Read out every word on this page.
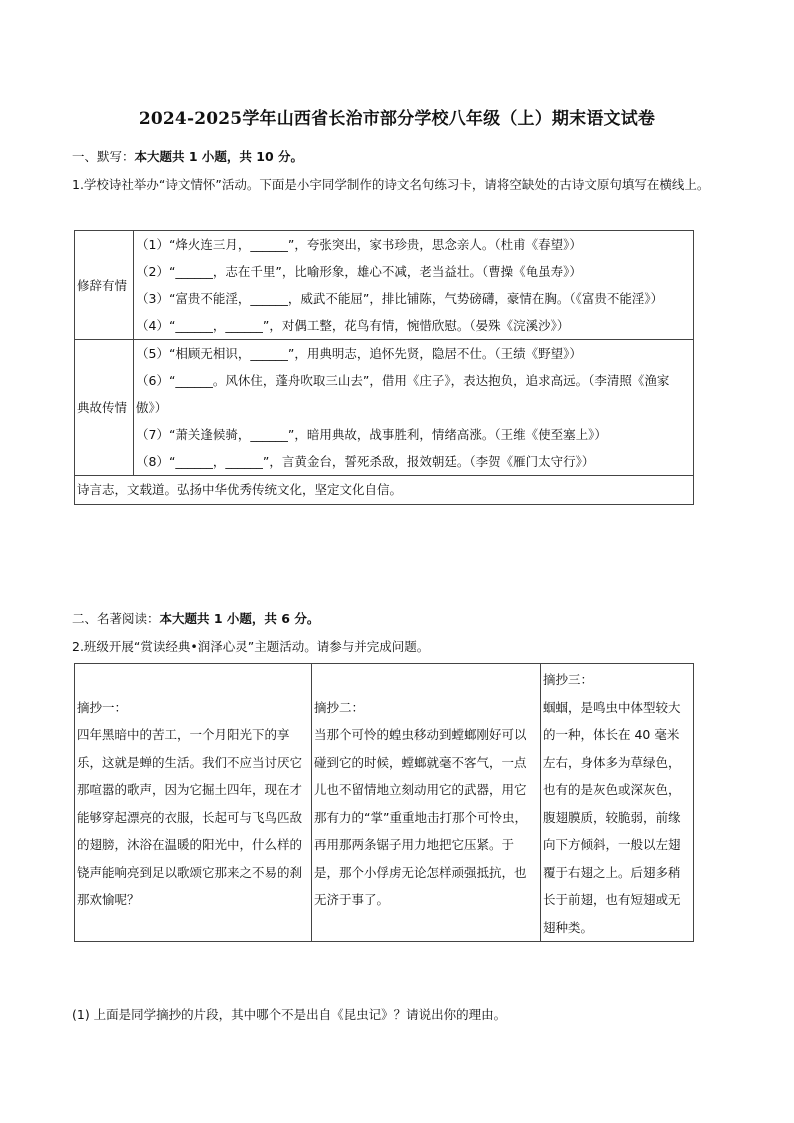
2024-2025学年山西省长治市部分学校八年级（上）期末语文试卷
一、默写：本大题共 1 小题，共 10 分。
1.学校诗社举办“诗文情怀”活动。下面是小宇同学制作的诗文名句练习卡，请将空缺处的古诗文原句填写在横线上。
修辞有情	（1）“烽火连三月，______”，夸张突出，家书珍贵，思念亲人。（杜甫《春望》）
（2）“______，志在千里”，比喻形象，雄心不减，老当益壮。（曹操《龟虽寿》）
（3）“富贵不能淫，______，威武不能屈”，排比铺陈，气势磅礴，豪情在胸。（《富贵不能淫》）
（4）“______，______”，对偶工整，花鸟有情，惋惜欣慰。（晏殊《浣溪沙》）

典故传情	（5）“相顾无相识，______”，用典明志，追怀先贤，隐居不仕。（王绩《野望》）
（6）“______。风休住，蓬舟吹取三山去”，借用《庄子》，表达抱负，追求高远。（李清照《渔家傲》）
（7）“萧关逢候骑，______”，暗用典故，战事胜利，情绪高涨。（王维《使至塞上》）
（8）“______，______”，言黄金台，誓死杀敌，报效朝廷。（李贺《雁门太守行》）

诗言志，文载道。弘扬中华优秀传统文化，坚定文化自信。	
二、名著阅读：本大题共 1 小题，共 6 分。
2.班级开展“赏读经典•润泽心灵”主题活动。请参与并完成问题。
摘抄一：
四年黑暗中的苦工，一个月阳光下的享乐，这就是蝉的生活。我们不应当讨厌它那喧嚣的歌声，因为它掘土四年，现在才能够穿起漂亮的衣服，长起可与飞鸟匹敌的翅膀，沐浴在温暖的阳光中，什么样的铙声能响亮到足以歌颂它那来之不易的刹那欢愉呢？

摘抄二：
当那个可怜的蝗虫移动到螳螂刚好可以碰到它的时候，螳螂就毫不客气，一点儿也不留情地立刻动用它的武器，用它那有力的“掌”重重地击打那个可怜虫，再用那两条锯子用力地把它压紧。于是，那个小俘虏无论怎样顽强抵抗，也无济于事了。

摘抄三：
蝈蝈，是鸣虫中体型较大的一种，体长在 40 毫米左右，身体多为草绿色，也有的是灰色或深灰色，腹翅膜质，较脆弱，前缘向下方倾斜，一般以左翅覆于右翅之上。后翅多稍长于前翅，也有短翅或无翅种类。
(1) 上面是同学摘抄的片段，其中哪个不是出自《昆虫记》？请说出你的理由。
